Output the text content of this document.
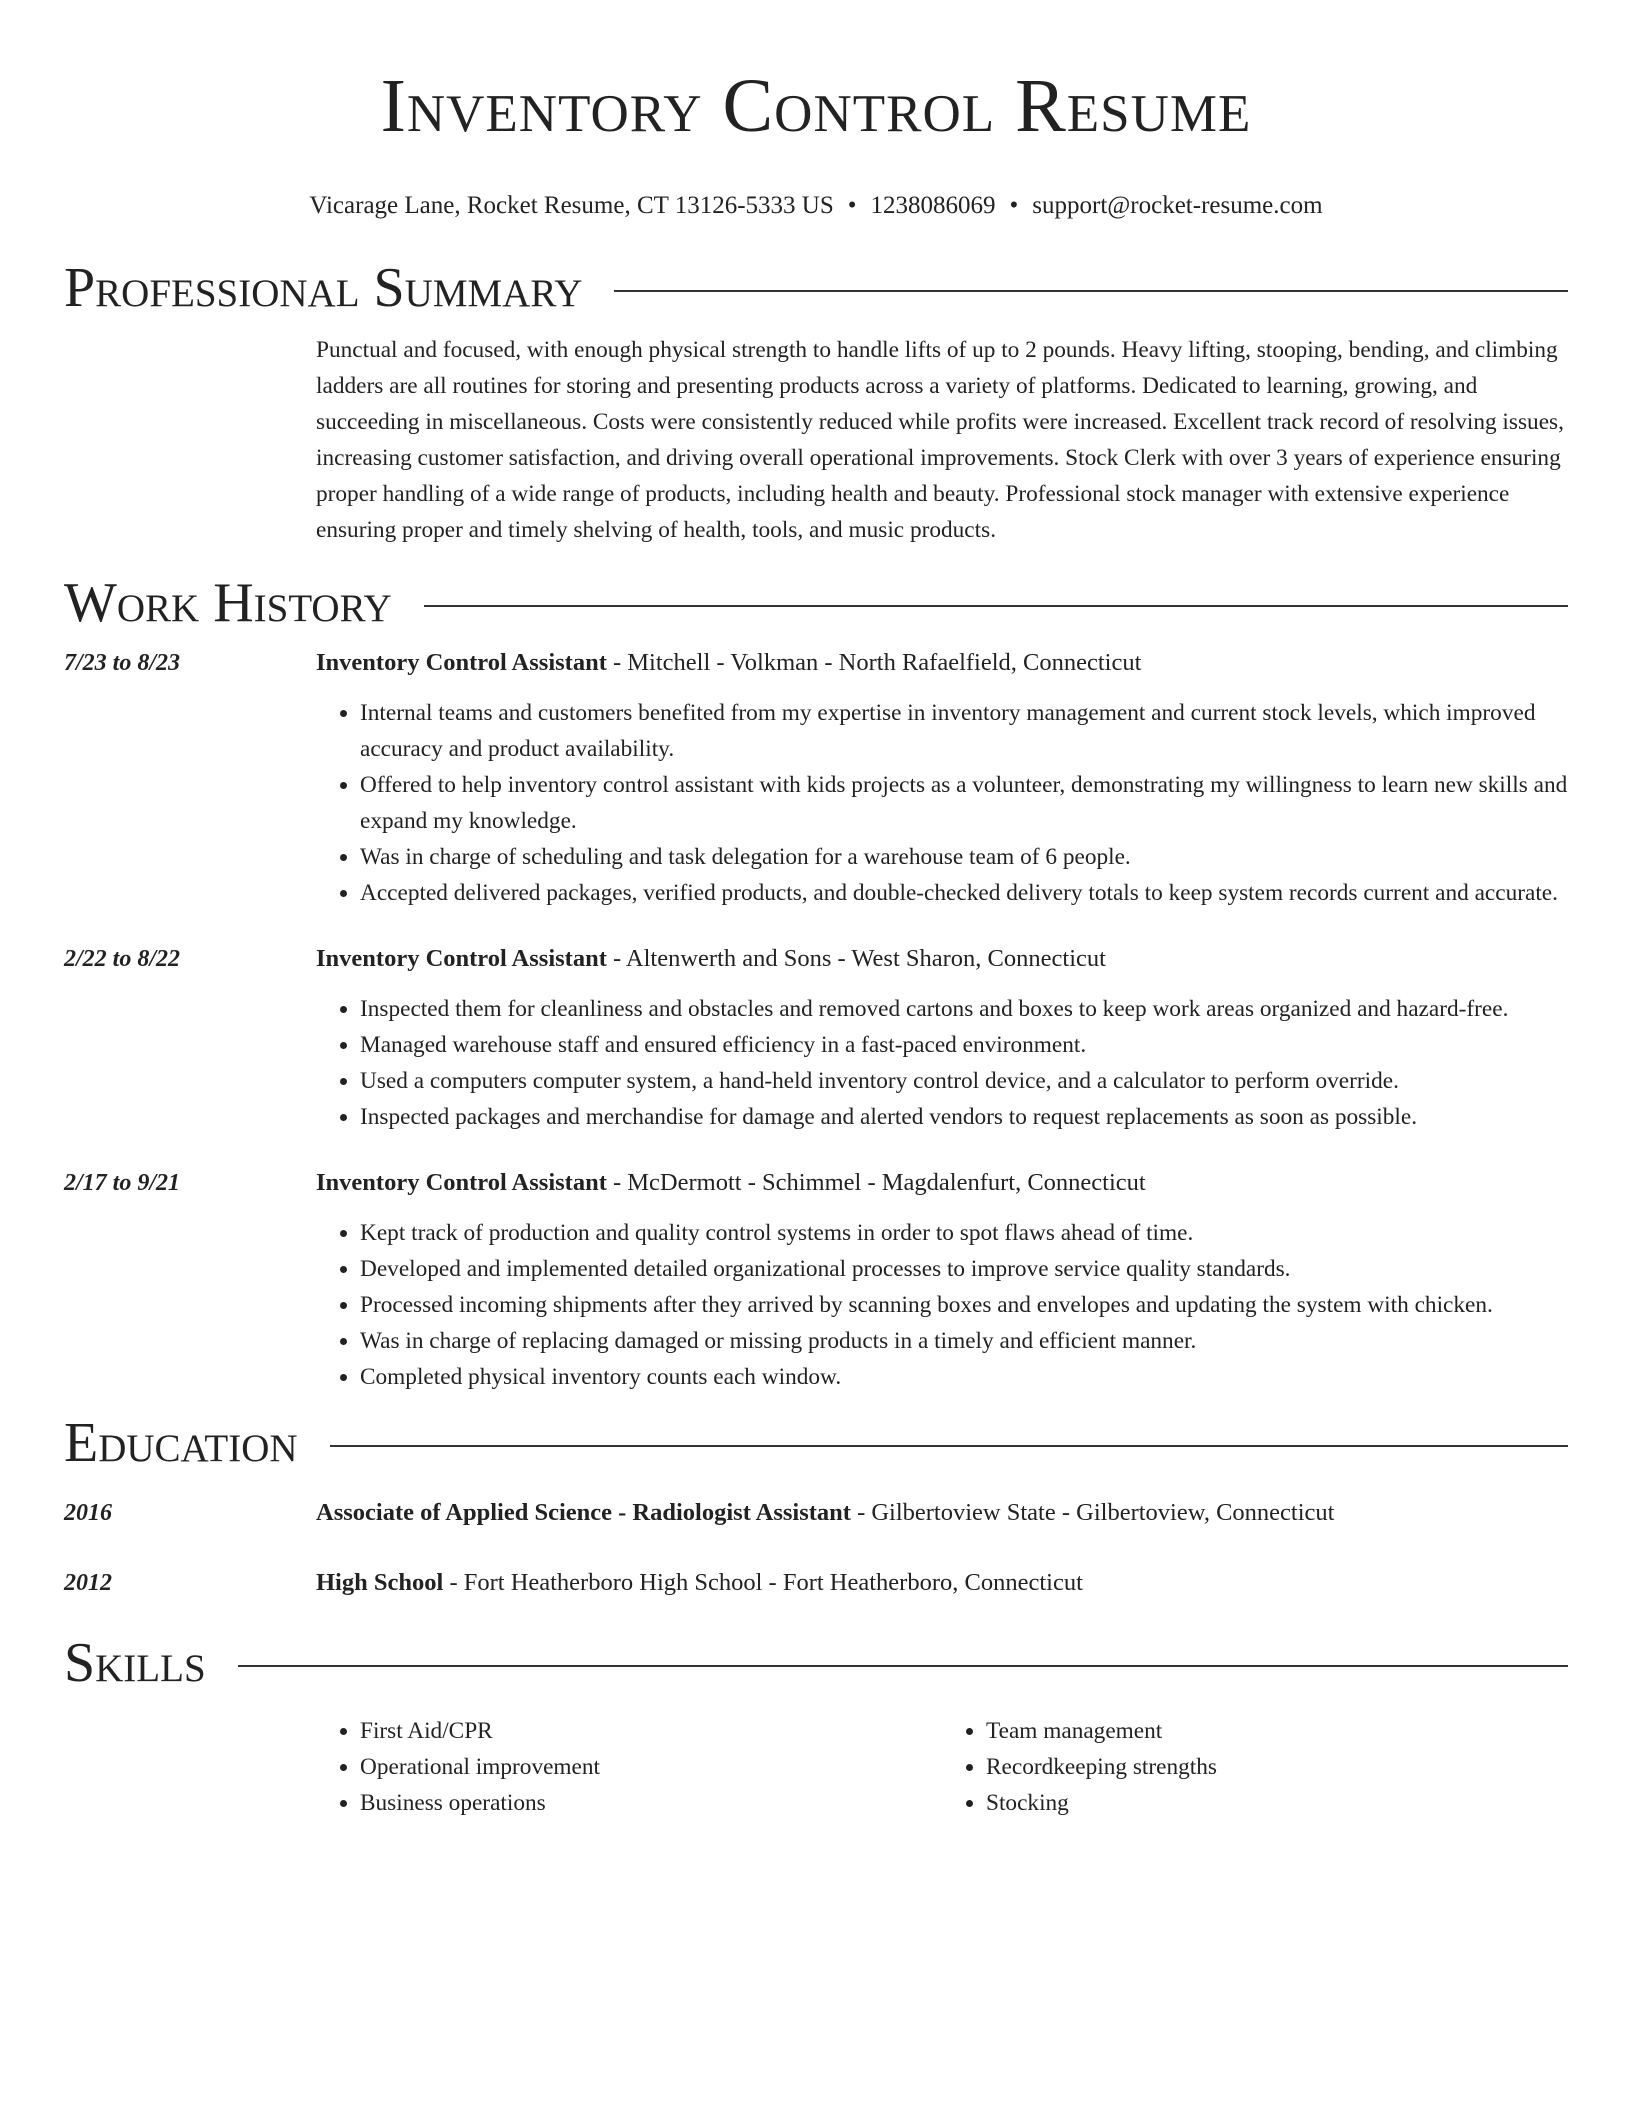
Inventory Control Resume
Vicarage Lane, Rocket Resume, CT 13126-5333 US • 1238086069 • support@rocket-resume.com
Professional Summary

Punctual and focused, with enough physical strength to handle lifts of up to 2 pounds. Heavy lifting, stooping, bending, and climbing ladders are all routines for storing and presenting products across a variety of platforms. Dedicated to learning, growing, and succeeding in miscellaneous. Costs were consistently reduced while profits were increased. Excellent track record of resolving issues, increasing customer satisfaction, and driving overall operational improvements. Stock Clerk with over 3 years of experience ensuring proper handling of a wide range of products, including health and beauty. Professional stock manager with extensive experience ensuring proper and timely shelving of health, tools, and music products.

Work History
7/23 to 8/23	Inventory Control Assistant - Mitchell - Volkman - North Rafaelfield, Connecticut
• Internal teams and customers benefited from my expertise in inventory management and current stock levels, which improved accuracy and product availability.
• Offered to help inventory control assistant with kids projects as a volunteer, demonstrating my willingness to learn new skills and expand my knowledge.
• Was in charge of scheduling and task delegation for a warehouse team of 6 people.
• Accepted delivered packages, verified products, and double-checked delivery totals to keep system records current and accurate.
2/22 to 8/22	Inventory Control Assistant - Altenwerth and Sons - West Sharon, Connecticut
• Inspected them for cleanliness and obstacles and removed cartons and boxes to keep work areas organized and hazard-free.
• Managed warehouse staff and ensured efficiency in a fast-paced environment.
• Used a computers computer system, a hand-held inventory control device, and a calculator to perform override.
• Inspected packages and merchandise for damage and alerted vendors to request replacements as soon as possible.
2/17 to 9/21	Inventory Control Assistant - McDermott - Schimmel - Magdalenfurt, Connecticut
• Kept track of production and quality control systems in order to spot flaws ahead of time.
• Developed and implemented detailed organizational processes to improve service quality standards.
• Processed incoming shipments after they arrived by scanning boxes and envelopes and updating the system with chicken.
• Was in charge of replacing damaged or missing products in a timely and efficient manner.
• Completed physical inventory counts each window.
Education
2016	Associate of Applied Science - Radiologist Assistant - Gilbertoview State - Gilbertoview, Connecticut
2012	High School - Fort Heatherboro High School - Fort Heatherboro, Connecticut
Skills
• First Aid/CPR
• Operational improvement
• Business operations
• Team management
• Recordkeeping strengths
• Stocking
